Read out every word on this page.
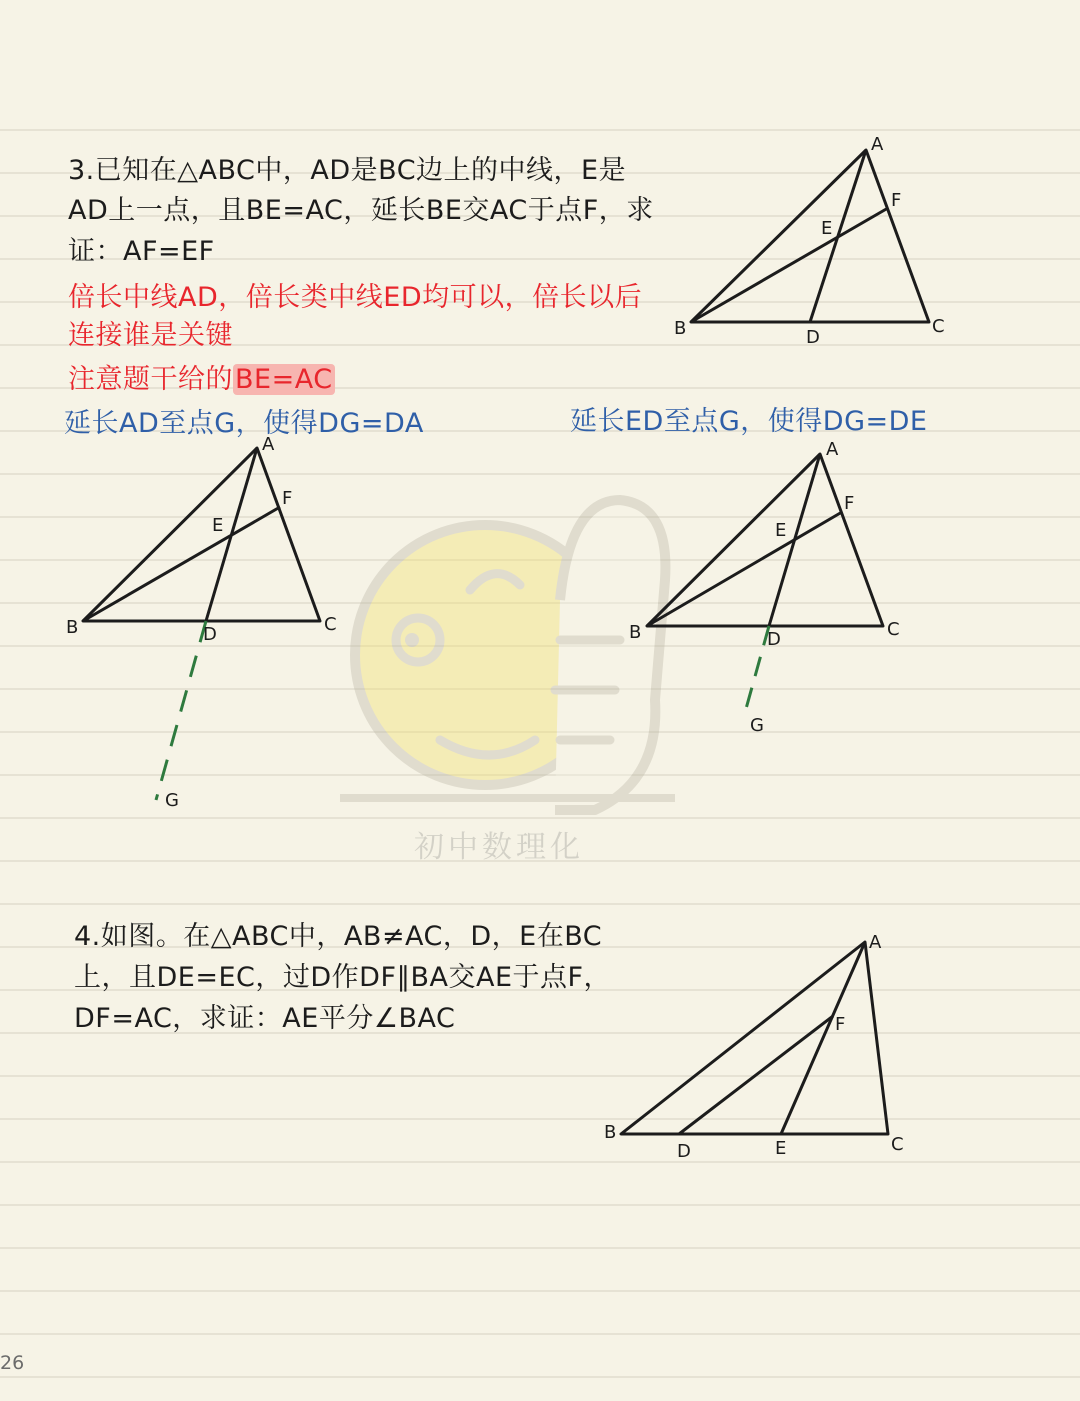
初中数理化

3.已知在△ABC中，AD是BC边上的中线，E是

AD上一点，且BE=AC，延长BE交AC于点F，求

证：AF=EF

倍长中线AD，倍长类中线ED均可以，倍长以后

连接谁是关键

注意题干给的BE=AC

延长AD至点G，使得DG=DA	延长ED至点G，使得DG=DE

4.如图。在△ABC中，AB≠AC，D，E在BC

上，且DE=EC，过D作DF∥BA交AE于点F，

DF=AC，求证：AE平分∠BAC

A
F
E
B	D
C
A
F
E
B	D	C
G
A
F
E
B	D	C
G
A
F
B
D	E	C
26
